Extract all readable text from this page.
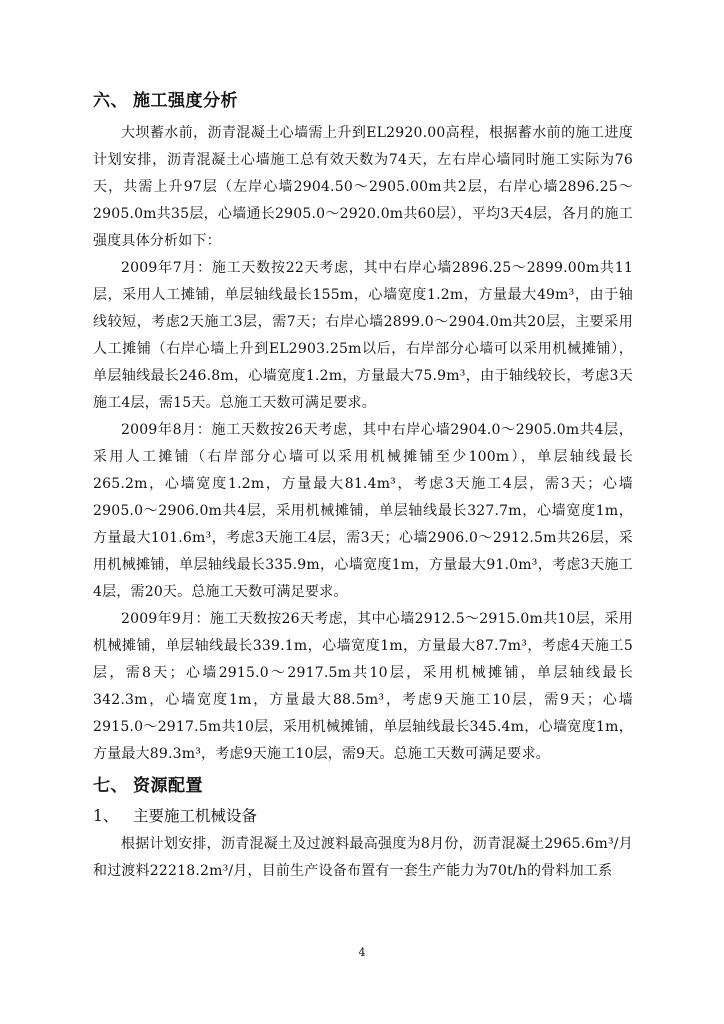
六、 施工强度分析

大坝蓄水前，沥青混凝土心墙需上升到EL2920.00高程，根据蓄水前的施工进度计划安排，沥青混凝土心墙施工总有效天数为74天，左右岸心墙同时施工实际为76天，共需上升97层（左岸心墙2904.50～2905.00m共2层，右岸心墙2896.25～2905.0m共35层，心墙通长2905.0～2920.0m共60层），平均3天4层，各月的施工强度具体分析如下：

2009年7月：施工天数按22天考虑，其中右岸心墙2896.25～2899.00m共11层，采用人工摊铺，单层轴线最长155m，心墙宽度1.2m，方量最大49m³，由于轴线较短，考虑2天施工3层，需7天；右岸心墙2899.0～2904.0m共20层，主要采用人工摊铺（右岸心墙上升到EL2903.25m以后，右岸部分心墙可以采用机械摊铺），单层轴线最长246.8m，心墙宽度1.2m，方量最大75.9m³，由于轴线较长，考虑3天施工4层，需15天。总施工天数可满足要求。

2009年8月：施工天数按26天考虑，其中右岸心墙2904.0～2905.0m共4层，采用人工摊铺（右岸部分心墙可以采用机械摊铺至少100m），单层轴线最长265.2m，心墙宽度1.2m，方量最大81.4m³，考虑3天施工4层，需3天；心墙2905.0～2906.0m共4层，采用机械摊铺，单层轴线最长327.7m，心墙宽度1m，方量最大101.6m³，考虑3天施工4层，需3天；心墙2906.0～2912.5m共26层，采用机械摊铺，单层轴线最长335.9m，心墙宽度1m，方量最大91.0m³，考虑3天施工4层，需20天。总施工天数可满足要求。

2009年9月：施工天数按26天考虑，其中心墙2912.5～2915.0m共10层，采用机械摊铺，单层轴线最长339.1m，心墙宽度1m，方量最大87.7m³，考虑4天施工5层，需8天；心墙2915.0～2917.5m共10层，采用机械摊铺，单层轴线最长342.3m，心墙宽度1m，方量最大88.5m³，考虑9天施工10层，需9天；心墙2915.0～2917.5m共10层，采用机械摊铺，单层轴线最长345.4m，心墙宽度1m，方量最大89.3m³，考虑9天施工10层，需9天。总施工天数可满足要求。

七、 资源配置
1、 主要施工机械设备

根据计划安排，沥青混凝土及过渡料最高强度为8月份，沥青混凝土2965.6m³/月和过渡料22218.2m³/月，目前生产设备布置有一套生产能力为70t/h的骨料加工系

4
